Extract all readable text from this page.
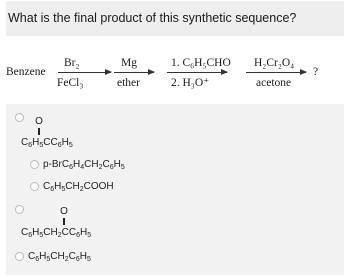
What is the final product of this synthetic sequence?
Benzene
Br₂
FeCl₃
Mg
ether
1. C₆H₅CHO
2. H₃O⁺
H₂Cr₂O₄
acetone
?
O
$C_6H_5CC_6H_5$
$p-BrC_6H_4CH_2C_6H_5$
$C_6H_5CH_2COOH$
O
$C_6H_5CH_2CC_6H_5$
$C_6H_5CH_2C_6H_5$
